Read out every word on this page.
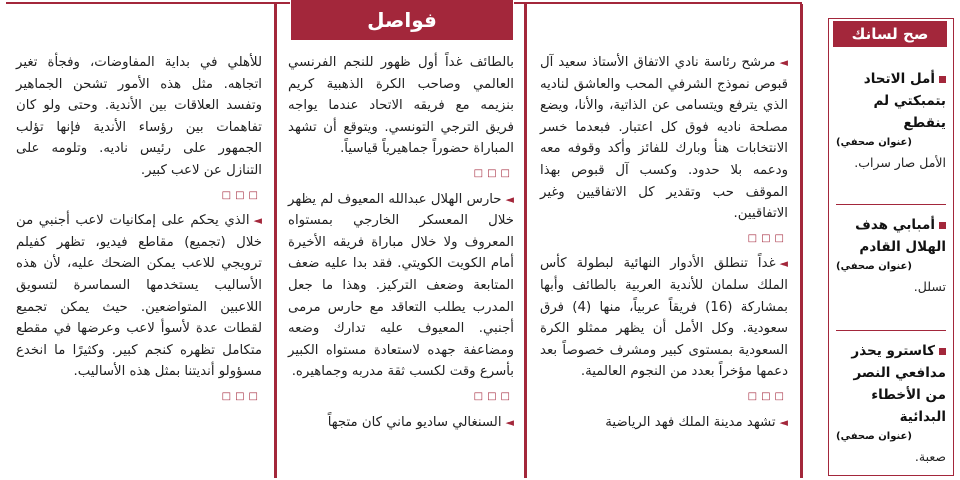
فواصل

◄مرشح رئاسة نادي الاتفاق الأستاذ سعيد آل قبوص نموذج الشرفي المحب والعاشق لناديه الذي يترفع ويتسامى عن الذاتية، والأنا، ويضع مصلحة ناديه فوق كل اعتبار. فبعدما خسر الانتخابات هنأ وبارك للفائز وأكد وقوفه معه ودعمه بلا حدود. وكسب آل قبوص بهذا الموقف حب وتقدير كل الاتفاقيين وغير الاتفاقيين.

□□□

◄غداً تنطلق الأدوار النهائية لبطولة كأس الملك سلمان للأندية العربية بالطائف وأبها بمشاركة (16) فريقاً عربياً، منها (4) فرق سعودية. وكل الأمل أن يظهر ممثلو الكرة السعودية بمستوى كبير ومشرف خصوصاً بعد دعمها مؤخراً بعدد من النجوم العالمية.

□□□

◄تشهد مدينة الملك فهد الرياضية

بالطائف غداً أول ظهور للنجم الفرنسي العالمي وصاحب الكرة الذهبية كريم بنزيمه مع فريقه الاتحاد عندما يواجه فريق الترجي التونسي. ويتوقع أن تشهد المباراة حضوراً جماهيرياً قياسياً.

□□□

◄حارس الهلال عبدالله المعيوف لم يظهر خلال المعسكر الخارجي بمستواه المعروف ولا خلال مباراة فريقه الأخيرة أمام الكويت الكويتي. فقد بدا عليه ضعف المتابعة وضعف التركيز. وهذا ما جعل المدرب يطلب التعاقد مع حارس مرمى أجنبي. المعيوف عليه تدارك وضعه ومضاعفة جهده لاستعادة مستواه الكبير بأسرع وقت لكسب ثقة مدربه وجماهيره.

□□□

◄السنغالي ساديو ماني كان متجهاً

للأهلي في بداية المفاوضات، وفجأة تغير اتجاهه. مثل هذه الأمور تشحن الجماهير وتفسد العلاقات بين الأندية. وحتى ولو كان تفاهمات بين رؤساء الأندية فإنها تؤلب الجمهور على رئيس ناديه. وتلومه على التنازل عن لاعب كبير.

□□□

◄الذي يحكم على إمكانيات لاعب أجنبي من خلال (تجميع) مقاطع فيديو، تظهر كفيلم ترويجي للاعب يمكن الضحك عليه، لأن هذه الأساليب يستخدمها السماسرة لتسويق اللاعبين المتواضعين. حيث يمكن تجميع لقطات عدة لأسوأ لاعب وعرضها في مقطع متكامل تظهره كنجم كبير. وكثيرًا ما انخدع مسؤولو أنديتنا بمثل هذه الأساليب.

□□□
صح لسانك
أمل الاتحاد بتمبكتي لم ينقطع
(عنوان صحفي)
الأمل صار سراب.
أمبابي هدف الهلال القادم
(عنوان صحفي)
تسلل.
كاسترو يحذر مدافعي النصر من الأخطاء البدائية
(عنوان صحفي)
صعبة.
